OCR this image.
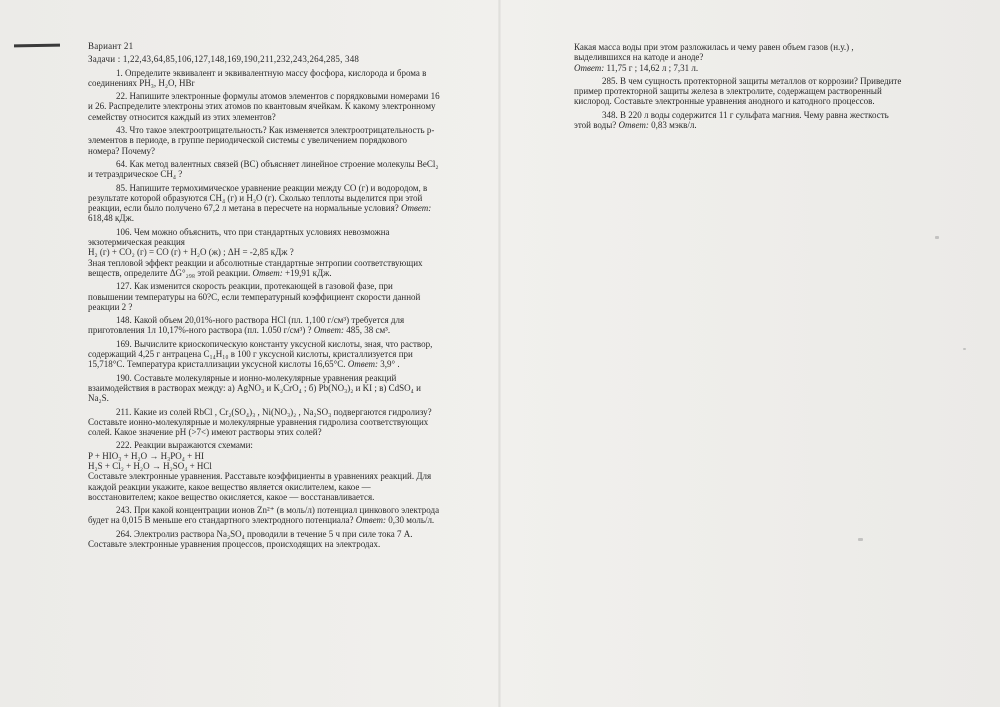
Вариант 21
Задачи : 1,22,43,64,85,106,127,148,169,190,211,232,243,264,285, 348
1. Определите эквивалент и эквивалентную массу фосфора, кислорода и брома в соединениях PH₃, H₂O, HBr
22. Напишите электронные формулы атомов элементов с порядковыми номерами 16 и 26. Распределите электроны этих атомов по квантовым ячейкам. К какому электронному семейству относится каждый из этих элементов?
43. Что такое электроотрицательность? Как изменяется электроотрицательность p-элементов в периоде, в группе периодической системы с увеличением порядкового номера? Почему?
64. Как метод валентных связей (ВС) объясняет линейное строение молекулы BeCl₂ и тетраэдрическое CH₄ ?
85. Напишите термохимическое уравнение реакции между CO (г) и водородом, в результате которой образуются CH₄ (г) и H₂O (г). Сколько теплоты выделится при этой реакции, если было получено 67,2 л метана в пересчете на нормальные условия? Ответ: 618,48 кДж.
106. Чем можно объяснить, что при стандартных условиях невозможна экзотермическая реакция
H₂ (г) + CO₂ (г) = CO (г) + H₂O (ж) ; ΔH = -2,85 кДж ?
Зная тепловой эффект реакции и абсолютные стандартные энтропии соответствующих веществ, определите ΔG°₂₉₈ этой реакции. Ответ: +19,91 кДж.
127. Как изменится скорость реакции, протекающей в газовой фазе, при повышении температуры на 60?С, если температурный коэффициент скорости данной реакции 2 ?
148. Какой объем 20,01%-ного раствора HCl (пл. 1,100 г/см³) требуется для приготовления 1л 10,17%-ного раствора (пл. 1.050 г/см³) ? Ответ: 485, 38 см³.
169. Вычислите криоскопическую константу уксусной кислоты, зная, что раствор, содержащий 4,25 г антрацена C₁₄H₁₀ в 100 г уксусной кислоты, кристаллизуется при 15,718°С. Температура кристаллизации уксусной кислоты 16,65°С. Ответ: 3,9° .
190. Составьте молекулярные и ионно-молекулярные уравнения реакций взаимодействия в растворах между: а) AgNO₃ и K₂CrO₄ ; б) Pb(NO₃)₂ и KI ; в) CdSO₄ и Na₂S.
211. Какие из солей RbCl , Cr₂(SO₄)₃ , Ni(NO₃)₂ , Na₂SO₃ подвергаются гидролизу? Составьте ионно-молекулярные и молекулярные уравнения гидролиза соответствующих солей. Какое значение pH (>7<) имеют растворы этих солей?
222. Реакции выражаются схемами:
P + HIO₃ + H₂O → H₃PO₄ + HI
H₂S + Cl₂ + H₂O → H₂SO₄ + HCl
Составьте электронные уравнения. Расставьте коэффициенты в уравнениях реакций. Для каждой реакции укажите, какое вещество является окислителем, какое — восстановителем; какое вещество окисляется, какое — восстанавливается.
243. При какой концентрации ионов Zn²⁺ (в моль/л) потенциал цинкового электрода будет на 0,015 В меньше его стандартного электродного потенциала? Ответ: 0,30 моль/л.
264. Электролиз раствора Na₂SO₄ проводили в течение 5 ч при силе тока 7 А. Составьте электронные уравнения процессов, происходящих на электродах.
Какая масса воды при этом разложилась и чему равен объем газов (н.у.) , выделившихся на катоде и аноде?
Ответ: 11,75 г ; 14,62 л ; 7,31 л.
285. В чем сущность протекторной защиты металлов от коррозии? Приведите пример протекторной защиты железа в электролите, содержащем растворенный кислород. Составьте электронные уравнения анодного и катодного процессов.
348. В 220 л воды содержится 11 г сульфата магния. Чему равна жесткость этой воды? Ответ: 0,83 мэкв/л.
